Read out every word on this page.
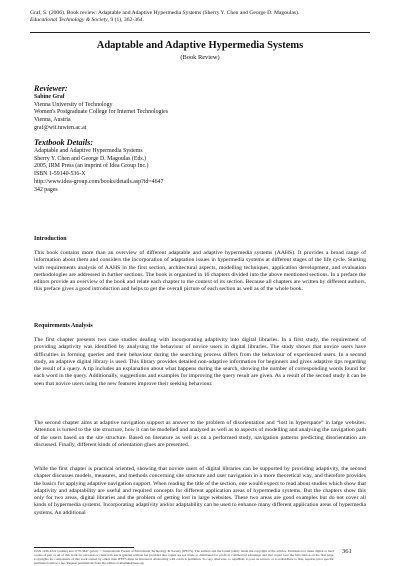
Graf, S. (2006). Book review: Adaptable and Adaptive Hypermedia Systems (Sherry Y. Chen and George D. Magoulas).
Educational Technology & Society, 9 (1), 362-364.
Adaptable and Adaptive Hypermedia Systems
(Book Review)
Reviewer:
Sabine Graf
Vienna University of Technology
Women's Postgraduate College for Internet Technologies
Vienna, Austria
graf@wit.tuwien.ac.at
Textbook Details:
Adaptable and Adaptive Hypermedia Systems
Sherry Y. Chen and George D. Magoulas (Eds.)
2005, IRM Press (an imprint of Idea Group Inc.)
ISBN 1-59140-536-X
http://www.idea-group.com/books/details.asp?id=4647
342 pages
Introduction
This book contains more than an overview of different adaptable and adaptive hypermedia systems (AAHS). It provides a broad range of information about them and considers the incorporation of adaptation issues in hypermedia systems at different stages of the life cycle. Starting with requirements analysis of AAHS in the first section, architectural aspects, modelling techniques, application development, and evaluation methodologies are addressed in further sections. The book is organized in 16 chapters divided into the above mentioned sections. In a preface the editors provide an overview of the book and relate each chapter to the context of its section. Because all chapters are written by different authors, this preface gives a good introduction and helps to get the overall picture of each section as well as of the whole book.
Requirements Analysis
The first chapter presents two case studies dealing with incorporating adaptivity into digital libraries. In a first study, the requirement of providing adaptivity was identified by analysing the behaviour of novice users in digital libraries. The study shows that novice users have difficulties in forming queries and their behaviour during the searching process differs from the behaviour of experienced users. In a second study, an adaptive digital library is used. This library provides detailed non-adaptive information for beginners and gives adaptive tips regarding the result of a query. A tip includes an explanation about what happens during the search, showing the number of corresponding words found for each word in the query. Additionally, suggestions and examples for improving the query result are given. As a result of the second study it can be seen that novice users using the new features improve their seeking behaviour.
The second chapter aims at adaptive navigation support as answer to the problem of disorientation and “lost in hyperspace” in large websites. Attention is turned to the site structure, how it can be modelled and analysed as well as to aspects of modelling and analysing the navigation path of the users based on the site structure. Based on literature as well as on a performed study, navigation patterns predicting disorientation are discussed. Finally, different kinds of orientation glues are presented.
While the first chapter is practical oriented, showing that novice users of digital libraries can be supported by providing adaptivity, the second chapter discusses models, measures, and methods concerning site structure and user navigation in a more theoretical way, and therefore provides the basics for applying adaptive navigation support. When reading the title of the section, one would expect to read about studies which show that adaptivity and adaptability are useful and required concepts for different application areas of hypermedia systems. But the chapters show this only for two areas, digital libraries and the problem of getting lost in large websites. These two areas are good examples but do not cover all kinds of hypermedia systems. Incorporating adaptivity and/or adaptability can be used to enhance many different application areas of hypermedia systems. An additional
ISSN 1436-4522 (online) and 1176-3647 (print). © International Forum of Educational Technology & Society (IFETS). The authors and the forum jointly retain the copyright of the articles. Permission to make digital or hard copies of part or all of this work for personal or classroom use is granted without fee provided that copies are not made or distributed for profit or commercial advantage and that copies bear the full citation on the first page. Copyrights for components of this work owned by others than IFETS must be honoured. Abstracting with credit is permitted. To copy otherwise, to republish, to post on servers, or to redistribute to lists, requires prior specific permission and/or a fee. Request permissions from the editors at kinshuk@ieee.org.
361
